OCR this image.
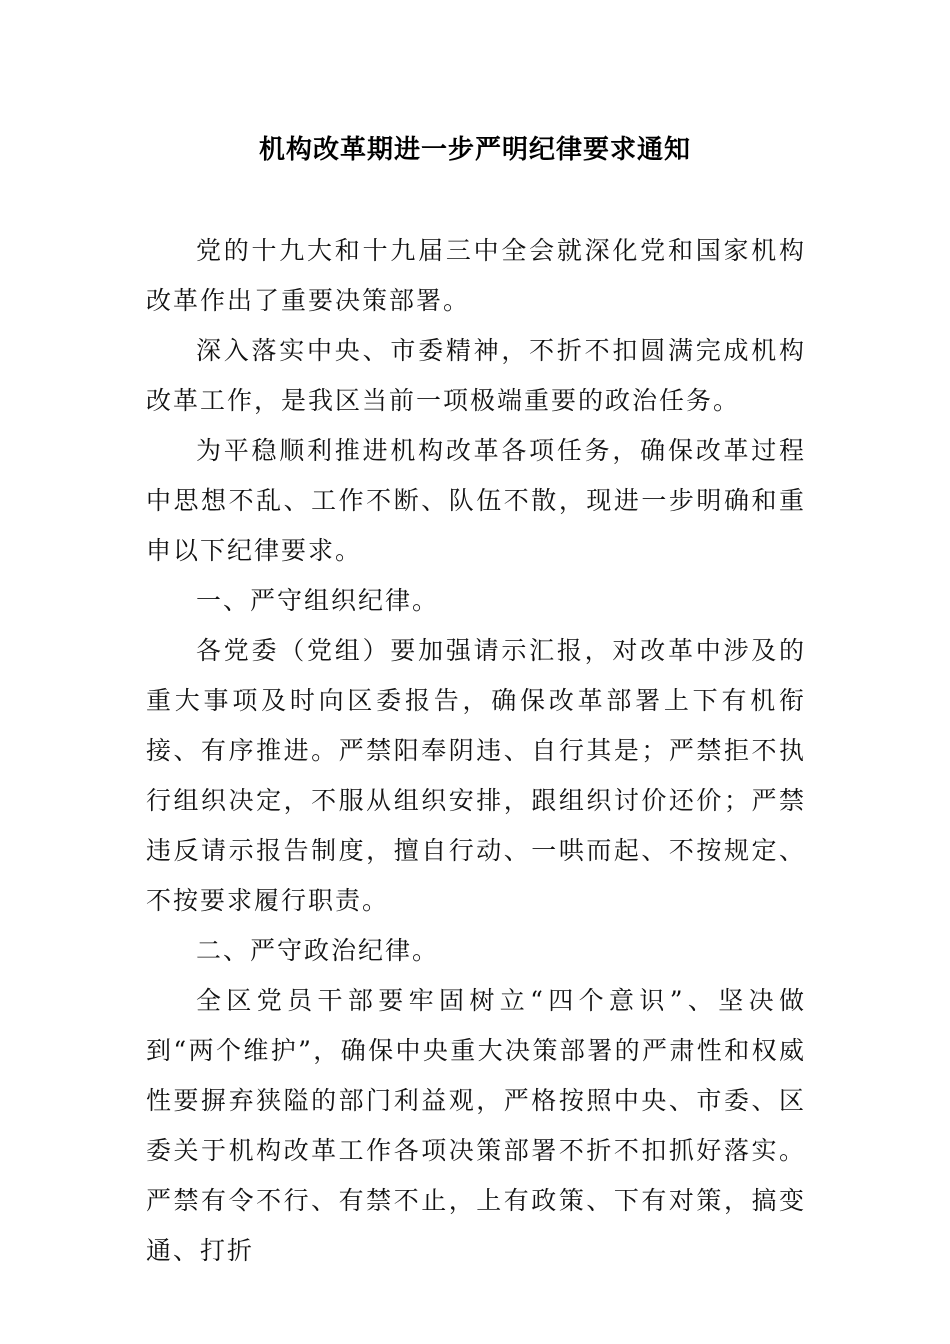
机构改革期进一步严明纪律要求通知

党的十九大和十九届三中全会就深化党和国家机构改革作出了重要决策部署。

深入落实中央、市委精神，不折不扣圆满完成机构改革工作，是我区当前一项极端重要的政治任务。

为平稳顺利推进机构改革各项任务，确保改革过程中思想不乱、工作不断、队伍不散，现进一步明确和重申以下纪律要求。

一、严守组织纪律。

各党委（党组）要加强请示汇报，对改革中涉及的重大事项及时向区委报告，确保改革部署上下有机衔接、有序推进。严禁阳奉阴违、自行其是；严禁拒不执行组织决定，不服从组织安排，跟组织讨价还价；严禁违反请示报告制度，擅自行动、一哄而起、不按规定、不按要求履行职责。

二、严守政治纪律。

全区党员干部要牢固树立“四个意识”、坚决做到“两个维护”，确保中央重大决策部署的严肃性和权威性要摒弃狭隘的部门利益观，严格按照中央、市委、区委关于机构改革工作各项决策部署不折不扣抓好落实。严禁有令不行、有禁不止，上有政策、下有对策，搞变通、打折
